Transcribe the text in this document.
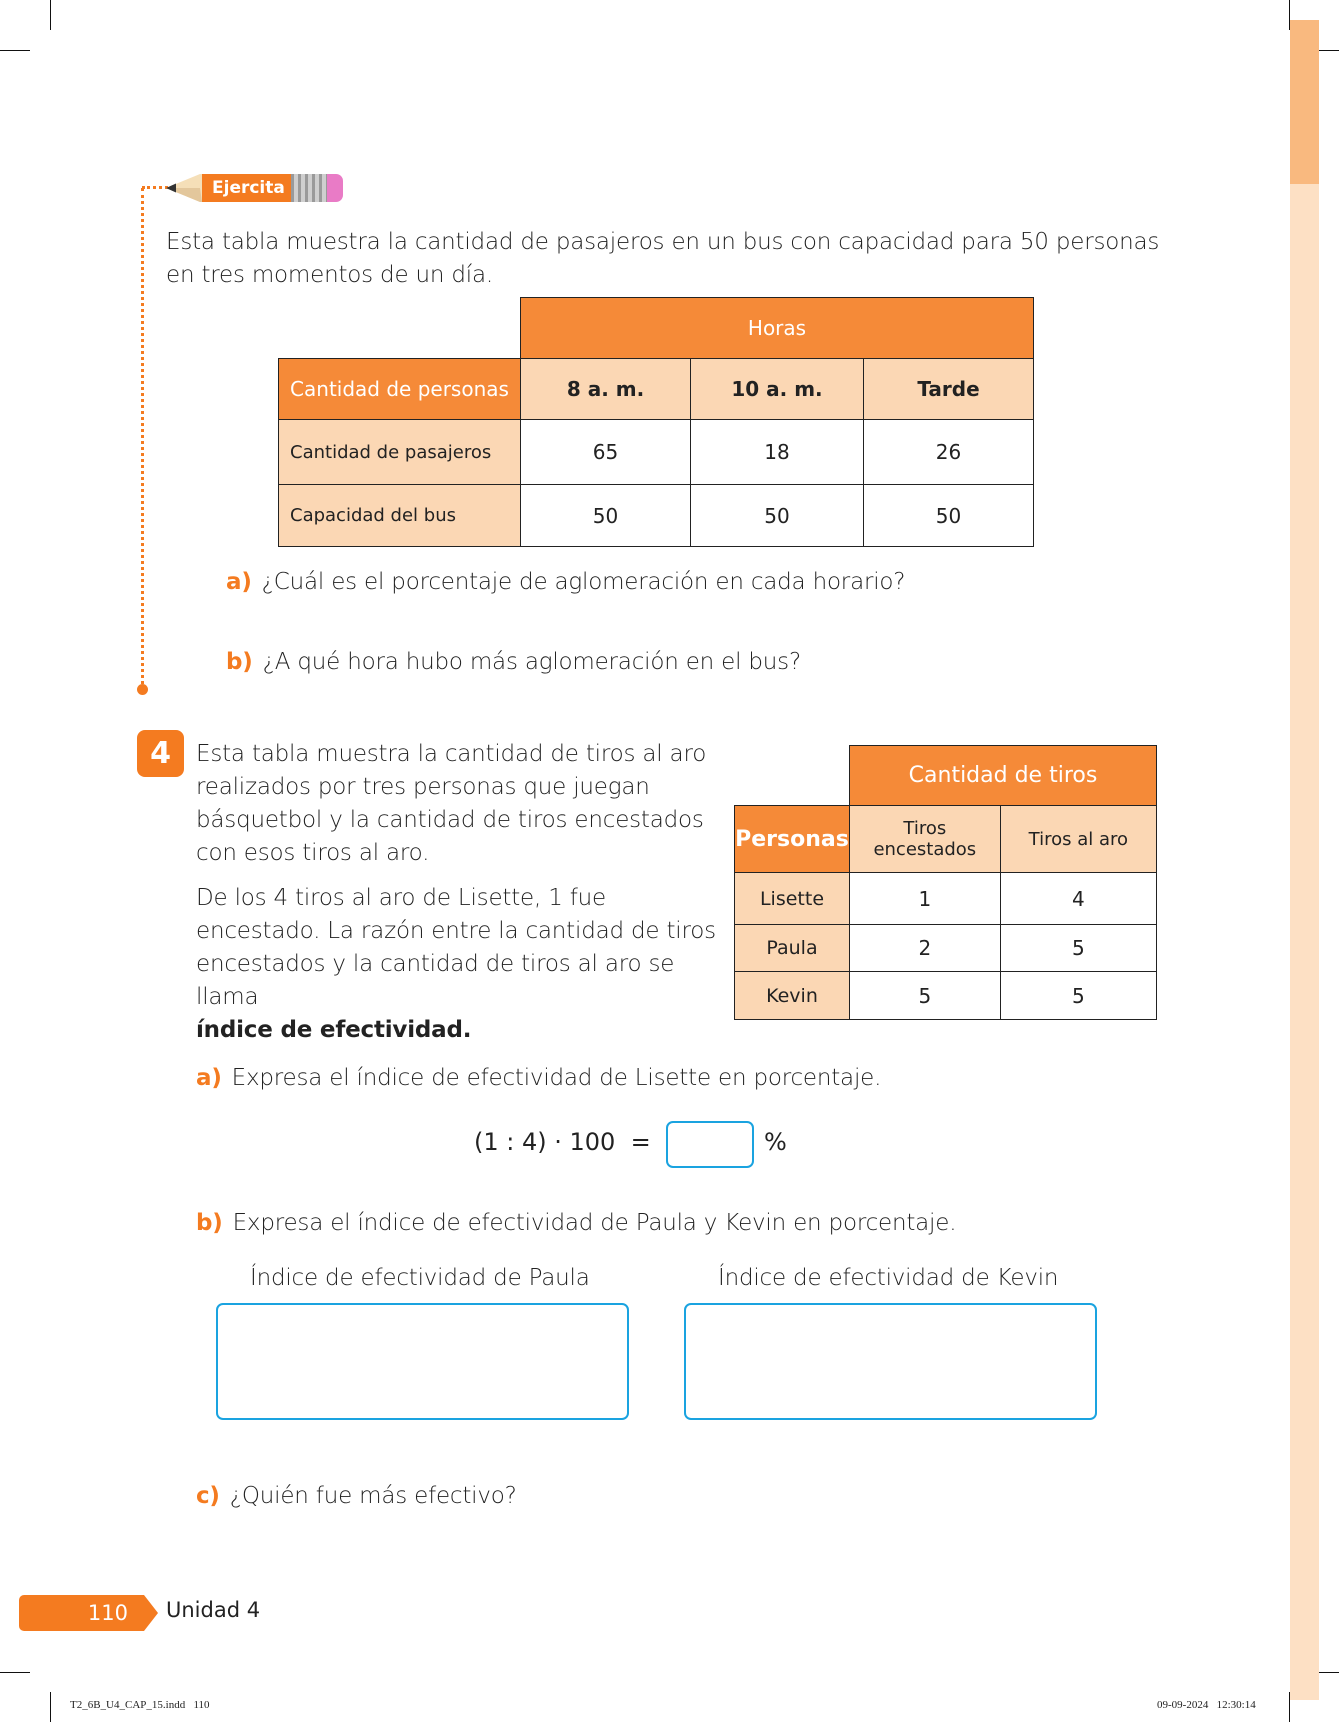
Ejercita
Esta tabla muestra la cantidad de pasajeros en un bus con capacidad para 50 personas en tres momentos de un día.
	Horas		
Cantidad de personas	8 a. m.	10 a. m.	Tarde
Cantidad de pasajeros	65	18	26
Capacidad del bus	50	50	50
a) ¿Cuál es el porcentaje de aglomeración en cada horario?
b) ¿A qué hora hubo más aglomeración en el bus?
4	Esta tabla muestra la cantidad de tiros al aro realizados por tres personas que juegan básquetbol y la cantidad de tiros encestados con esos tiros al aro.
De los 4 tiros al aro de Lisette, 1 fue encestado. La razón entre la cantidad de tiros encestados y la cantidad de tiros al aro se llama
índice de efectividad.
	Cantidad de tiros	
Personas	Tiros encestados	Tiros al aro
Lisette	1	4
Paula	2	5
Kevin	5	5
a) Expresa el índice de efectividad de Lisette en porcentaje.
(1 : 4) · 100  =	%
b) Expresa el índice de efectividad de Paula y Kevin en porcentaje.
Índice de efectividad de Paula	Índice de efectividad de Kevin
c) ¿Quién fue más efectivo?
110	Unidad 4
T2_6B_U4_CAP_15.indd   110	09-09-2024   12:30:14
